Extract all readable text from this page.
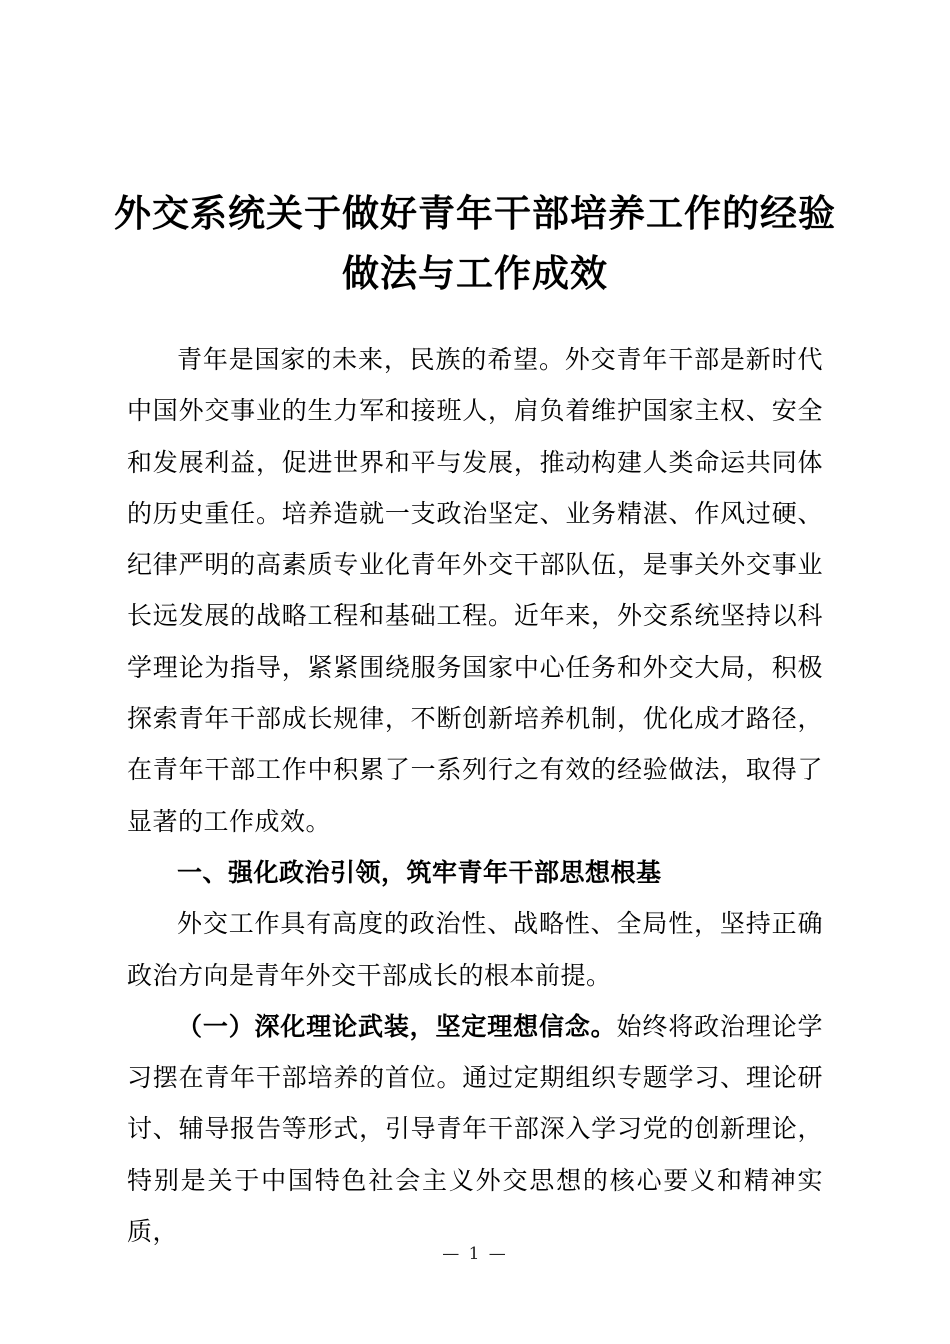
外交系统关于做好青年干部培养工作的经验做法与工作成效

青年是国家的未来，民族的希望。外交青年干部是新时代中国外交事业的生力军和接班人，肩负着维护国家主权、安全和发展利益，促进世界和平与发展，推动构建人类命运共同体的历史重任。培养造就一支政治坚定、业务精湛、作风过硬、纪律严明的高素质专业化青年外交干部队伍，是事关外交事业长远发展的战略工程和基础工程。近年来，外交系统坚持以科学理论为指导，紧紧围绕服务国家中心任务和外交大局，积极探索青年干部成长规律，不断创新培养机制，优化成才路径，在青年干部工作中积累了一系列行之有效的经验做法，取得了显著的工作成效。

一、强化政治引领，筑牢青年干部思想根基

外交工作具有高度的政治性、战略性、全局性，坚持正确政治方向是青年外交干部成长的根本前提。

（一）深化理论武装，坚定理想信念。始终将政治理论学习摆在青年干部培养的首位。通过定期组织专题学习、理论研讨、辅导报告等形式，引导青年干部深入学习党的创新理论，特别是关于中国特色社会主义外交思想的核心要义和精神实质，

— 1 —
